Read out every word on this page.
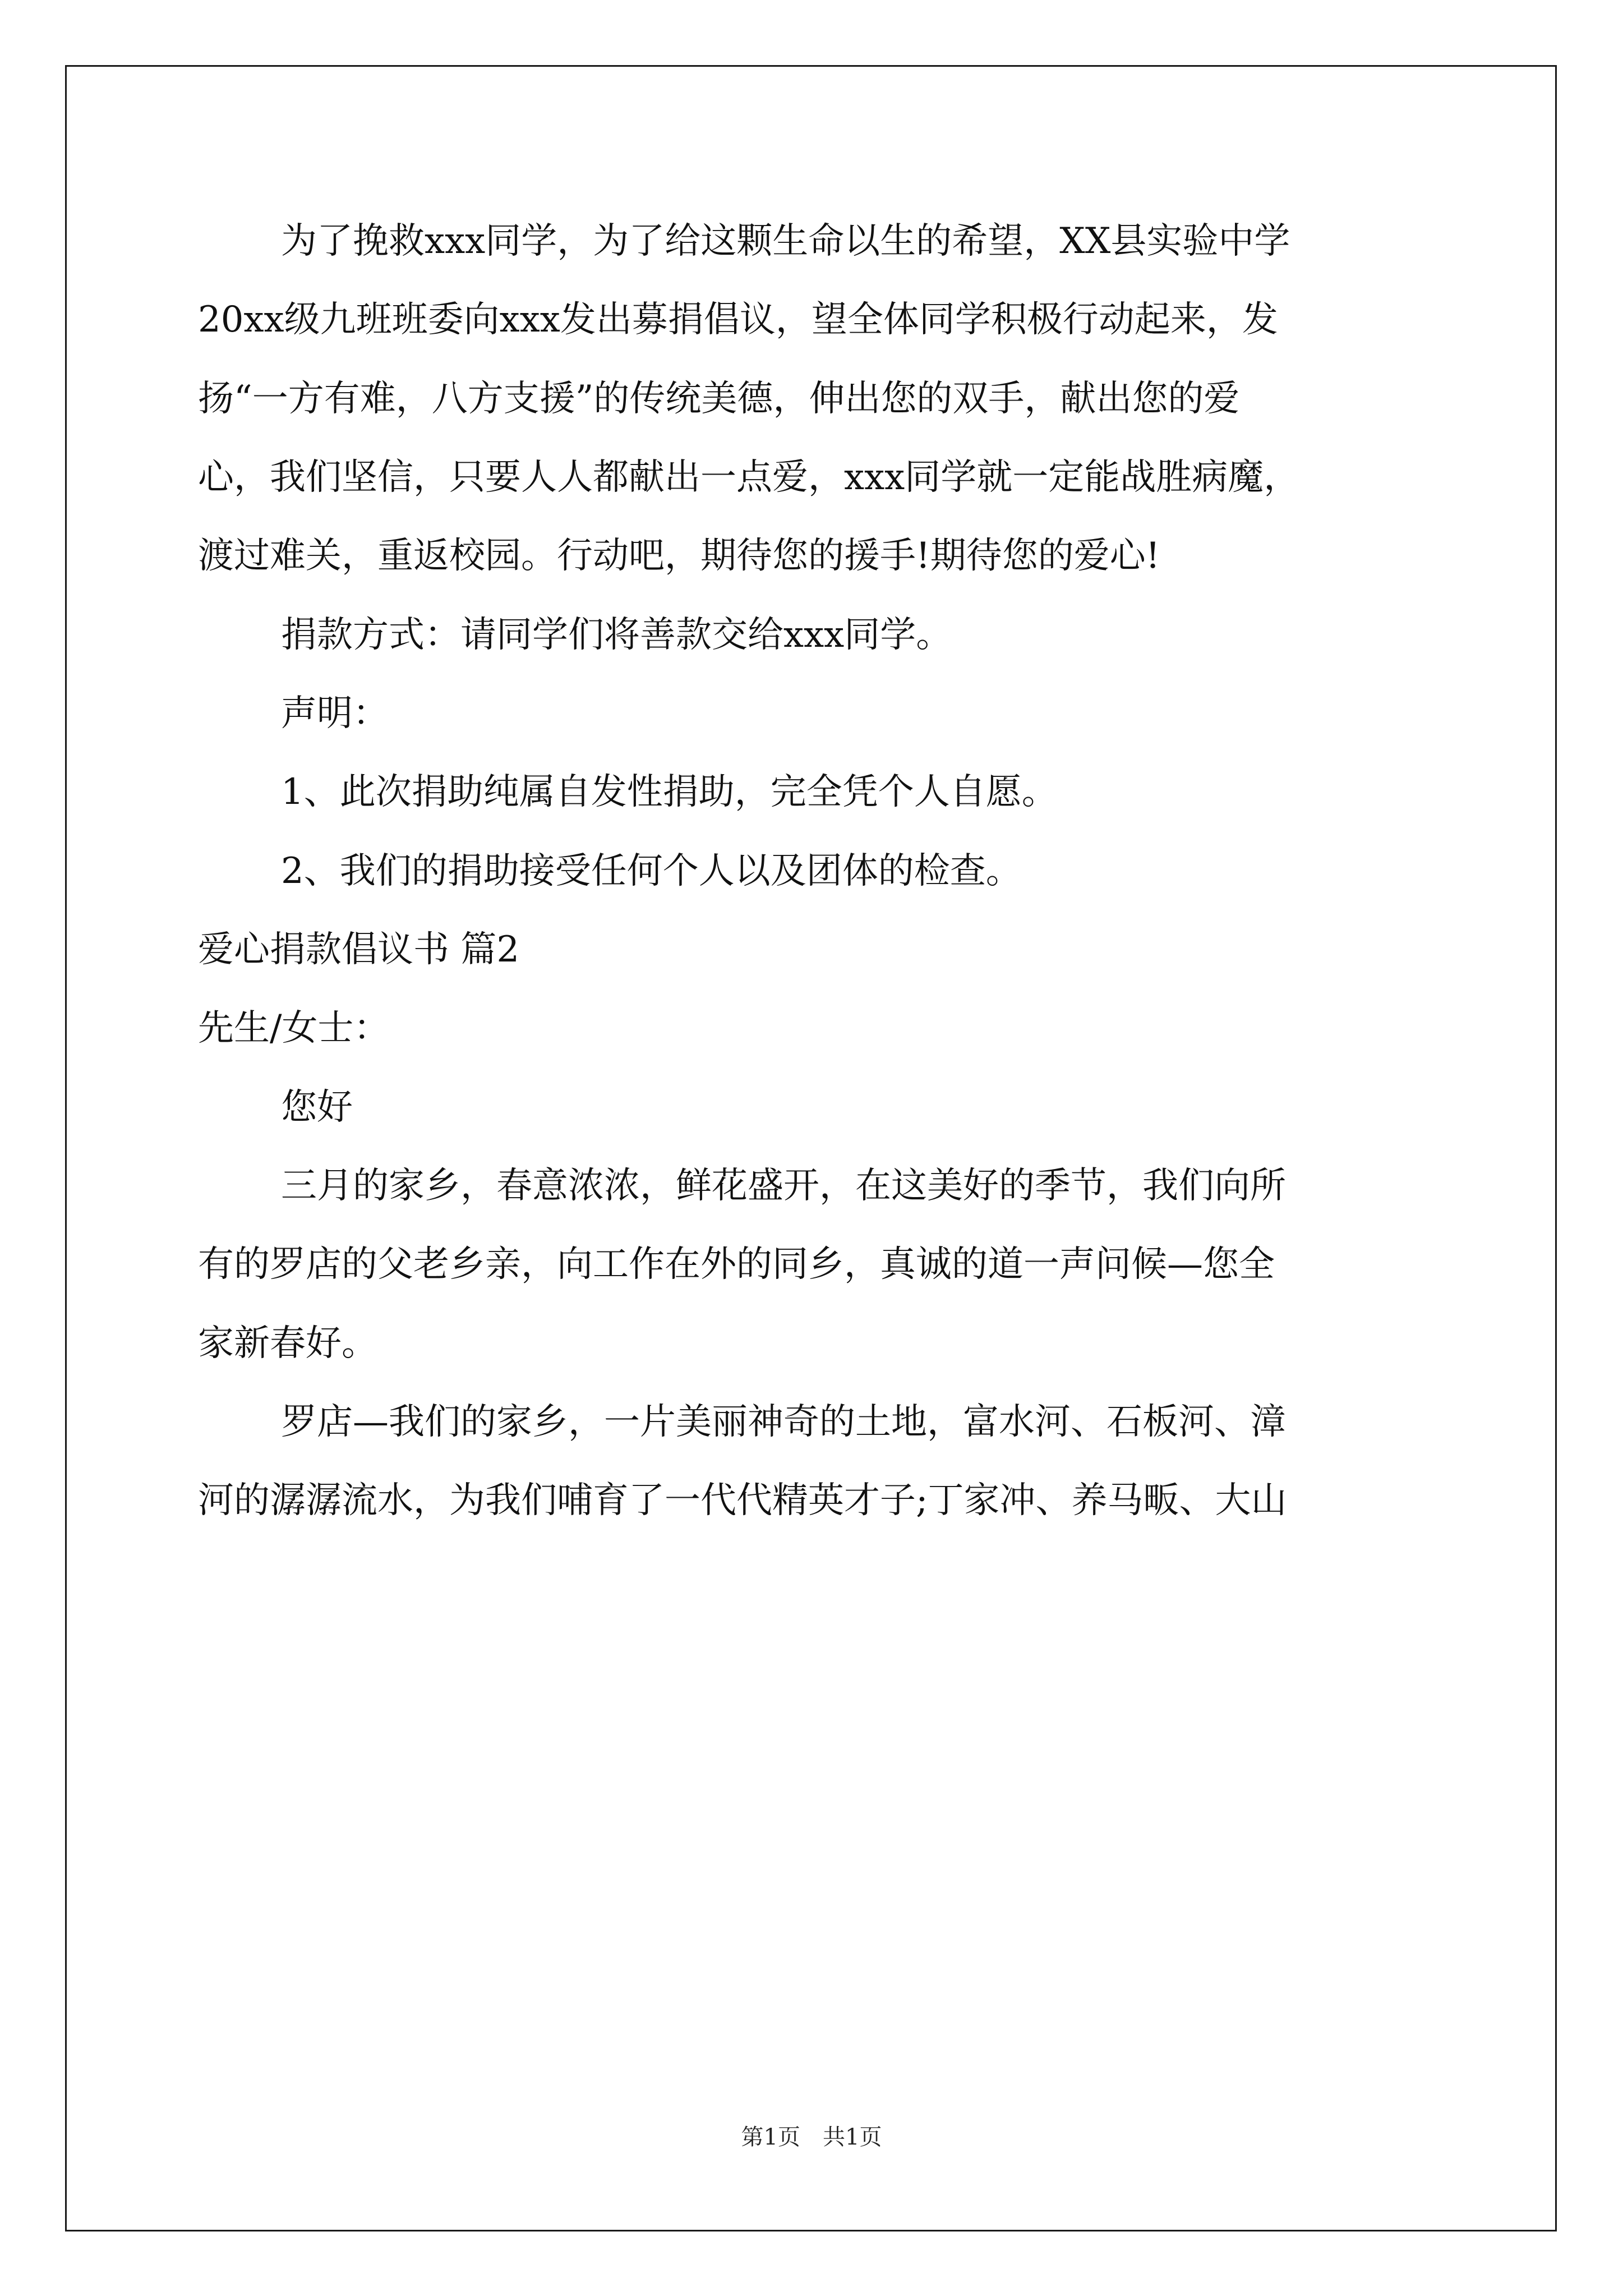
为了挽救xxx同学，为了给这颗生命以生的希望，XX县实验中学
20xx级九班班委向xxx发出募捐倡议，望全体同学积极行动起来，发
扬“一方有难，八方支援”的传统美德，伸出您的双手，献出您的爱
心，我们坚信，只要人人都献出一点爱，xxx同学就一定能战胜病魔，
渡过难关，重返校园。行动吧，期待您的援手!期待您的爱心!
捐款方式：请同学们将善款交给xxx同学。
声明：
1、此次捐助纯属自发性捐助，完全凭个人自愿。
2、我们的捐助接受任何个人以及团体的检查。
爱心捐款倡议书 篇2
先生/女士：
您好
三月的家乡，春意浓浓，鲜花盛开，在这美好的季节，我们向所
有的罗店的父老乡亲，向工作在外的同乡，真诚的道一声问候—您全
家新春好。
罗店—我们的家乡，一片美丽神奇的土地，富水河、石板河、漳
河的潺潺流水，为我们哺育了一代代精英才子;丁家冲、养马畈、大山
第1页　共1页
